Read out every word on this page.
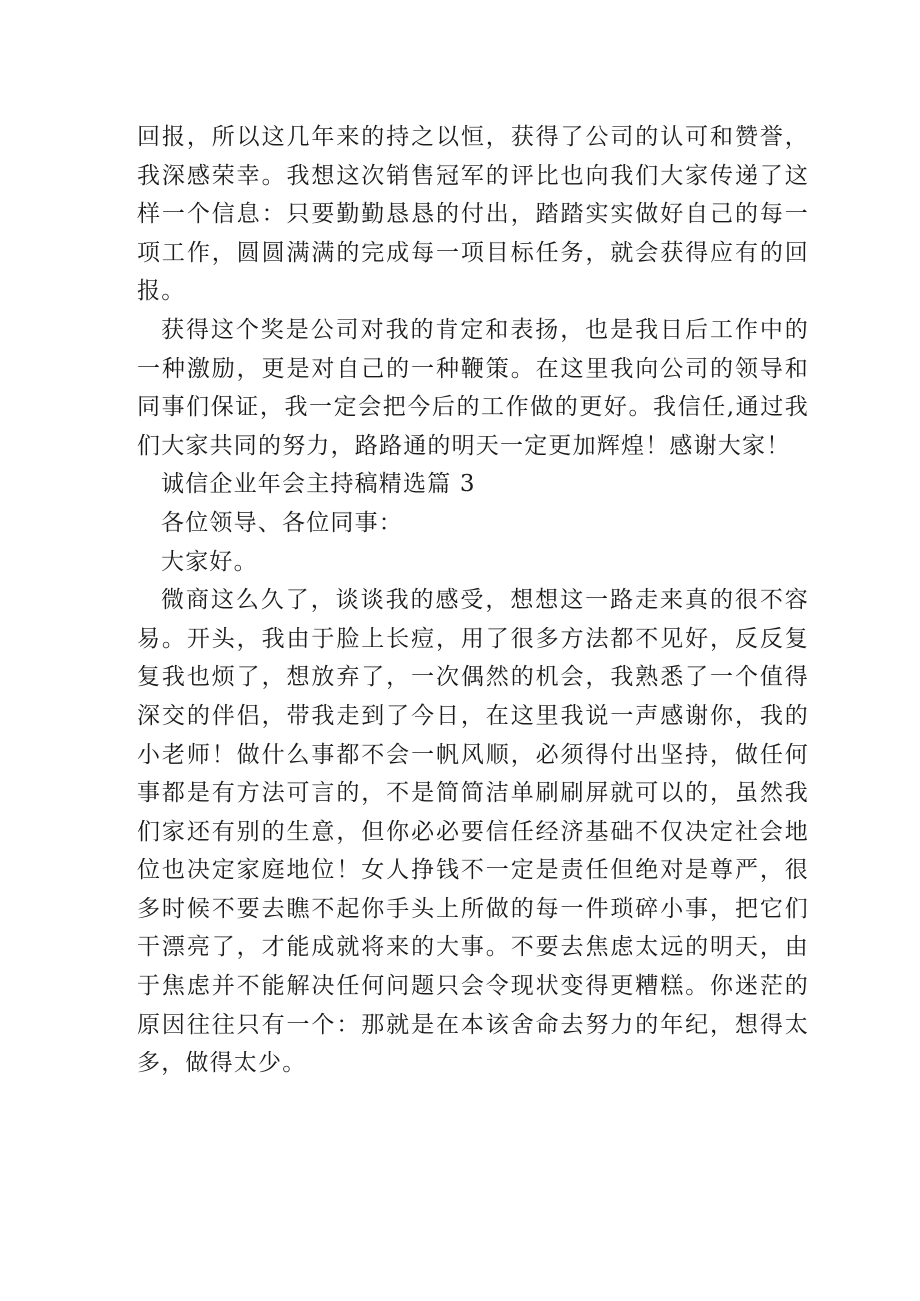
回报，所以这几年来的持之以恒，获得了公司的认可和赞誉，我深感荣幸。我想这次销售冠军的评比也向我们大家传递了这样一个信息：只要勤勤恳恳的付出，踏踏实实做好自己的每一项工作，圆圆满满的完成每一项目标任务，就会获得应有的回报。

获得这个奖是公司对我的肯定和表扬，也是我日后工作中的一种激励，更是对自己的一种鞭策。在这里我向公司的领导和同事们保证，我一定会把今后的工作做的更好。我信任,通过我们大家共同的努力，路路通的明天一定更加辉煌！感谢大家！

诚信企业年会主持稿精选篇 3

各位领导、各位同事：

大家好。

微商这么久了，谈谈我的感受，想想这一路走来真的很不容易。开头，我由于脸上长痘，用了很多方法都不见好，反反复复我也烦了，想放弃了，一次偶然的机会，我熟悉了一个值得深交的伴侣，带我走到了今日，在这里我说一声感谢你，我的小老师！做什么事都不会一帆风顺，必须得付出坚持，做任何事都是有方法可言的，不是简简洁单刷刷屏就可以的，虽然我们家还有别的生意，但你必必要信任经济基础不仅决定社会地位也决定家庭地位！女人挣钱不一定是责任但绝对是尊严，很多时候不要去瞧不起你手头上所做的每一件琐碎小事，把它们干漂亮了，才能成就将来的大事。不要去焦虑太远的明天，由于焦虑并不能解决任何问题只会令现状变得更糟糕。你迷茫的原因往往只有一个：那就是在本该舍命去努力的年纪，想得太多，做得太少。
